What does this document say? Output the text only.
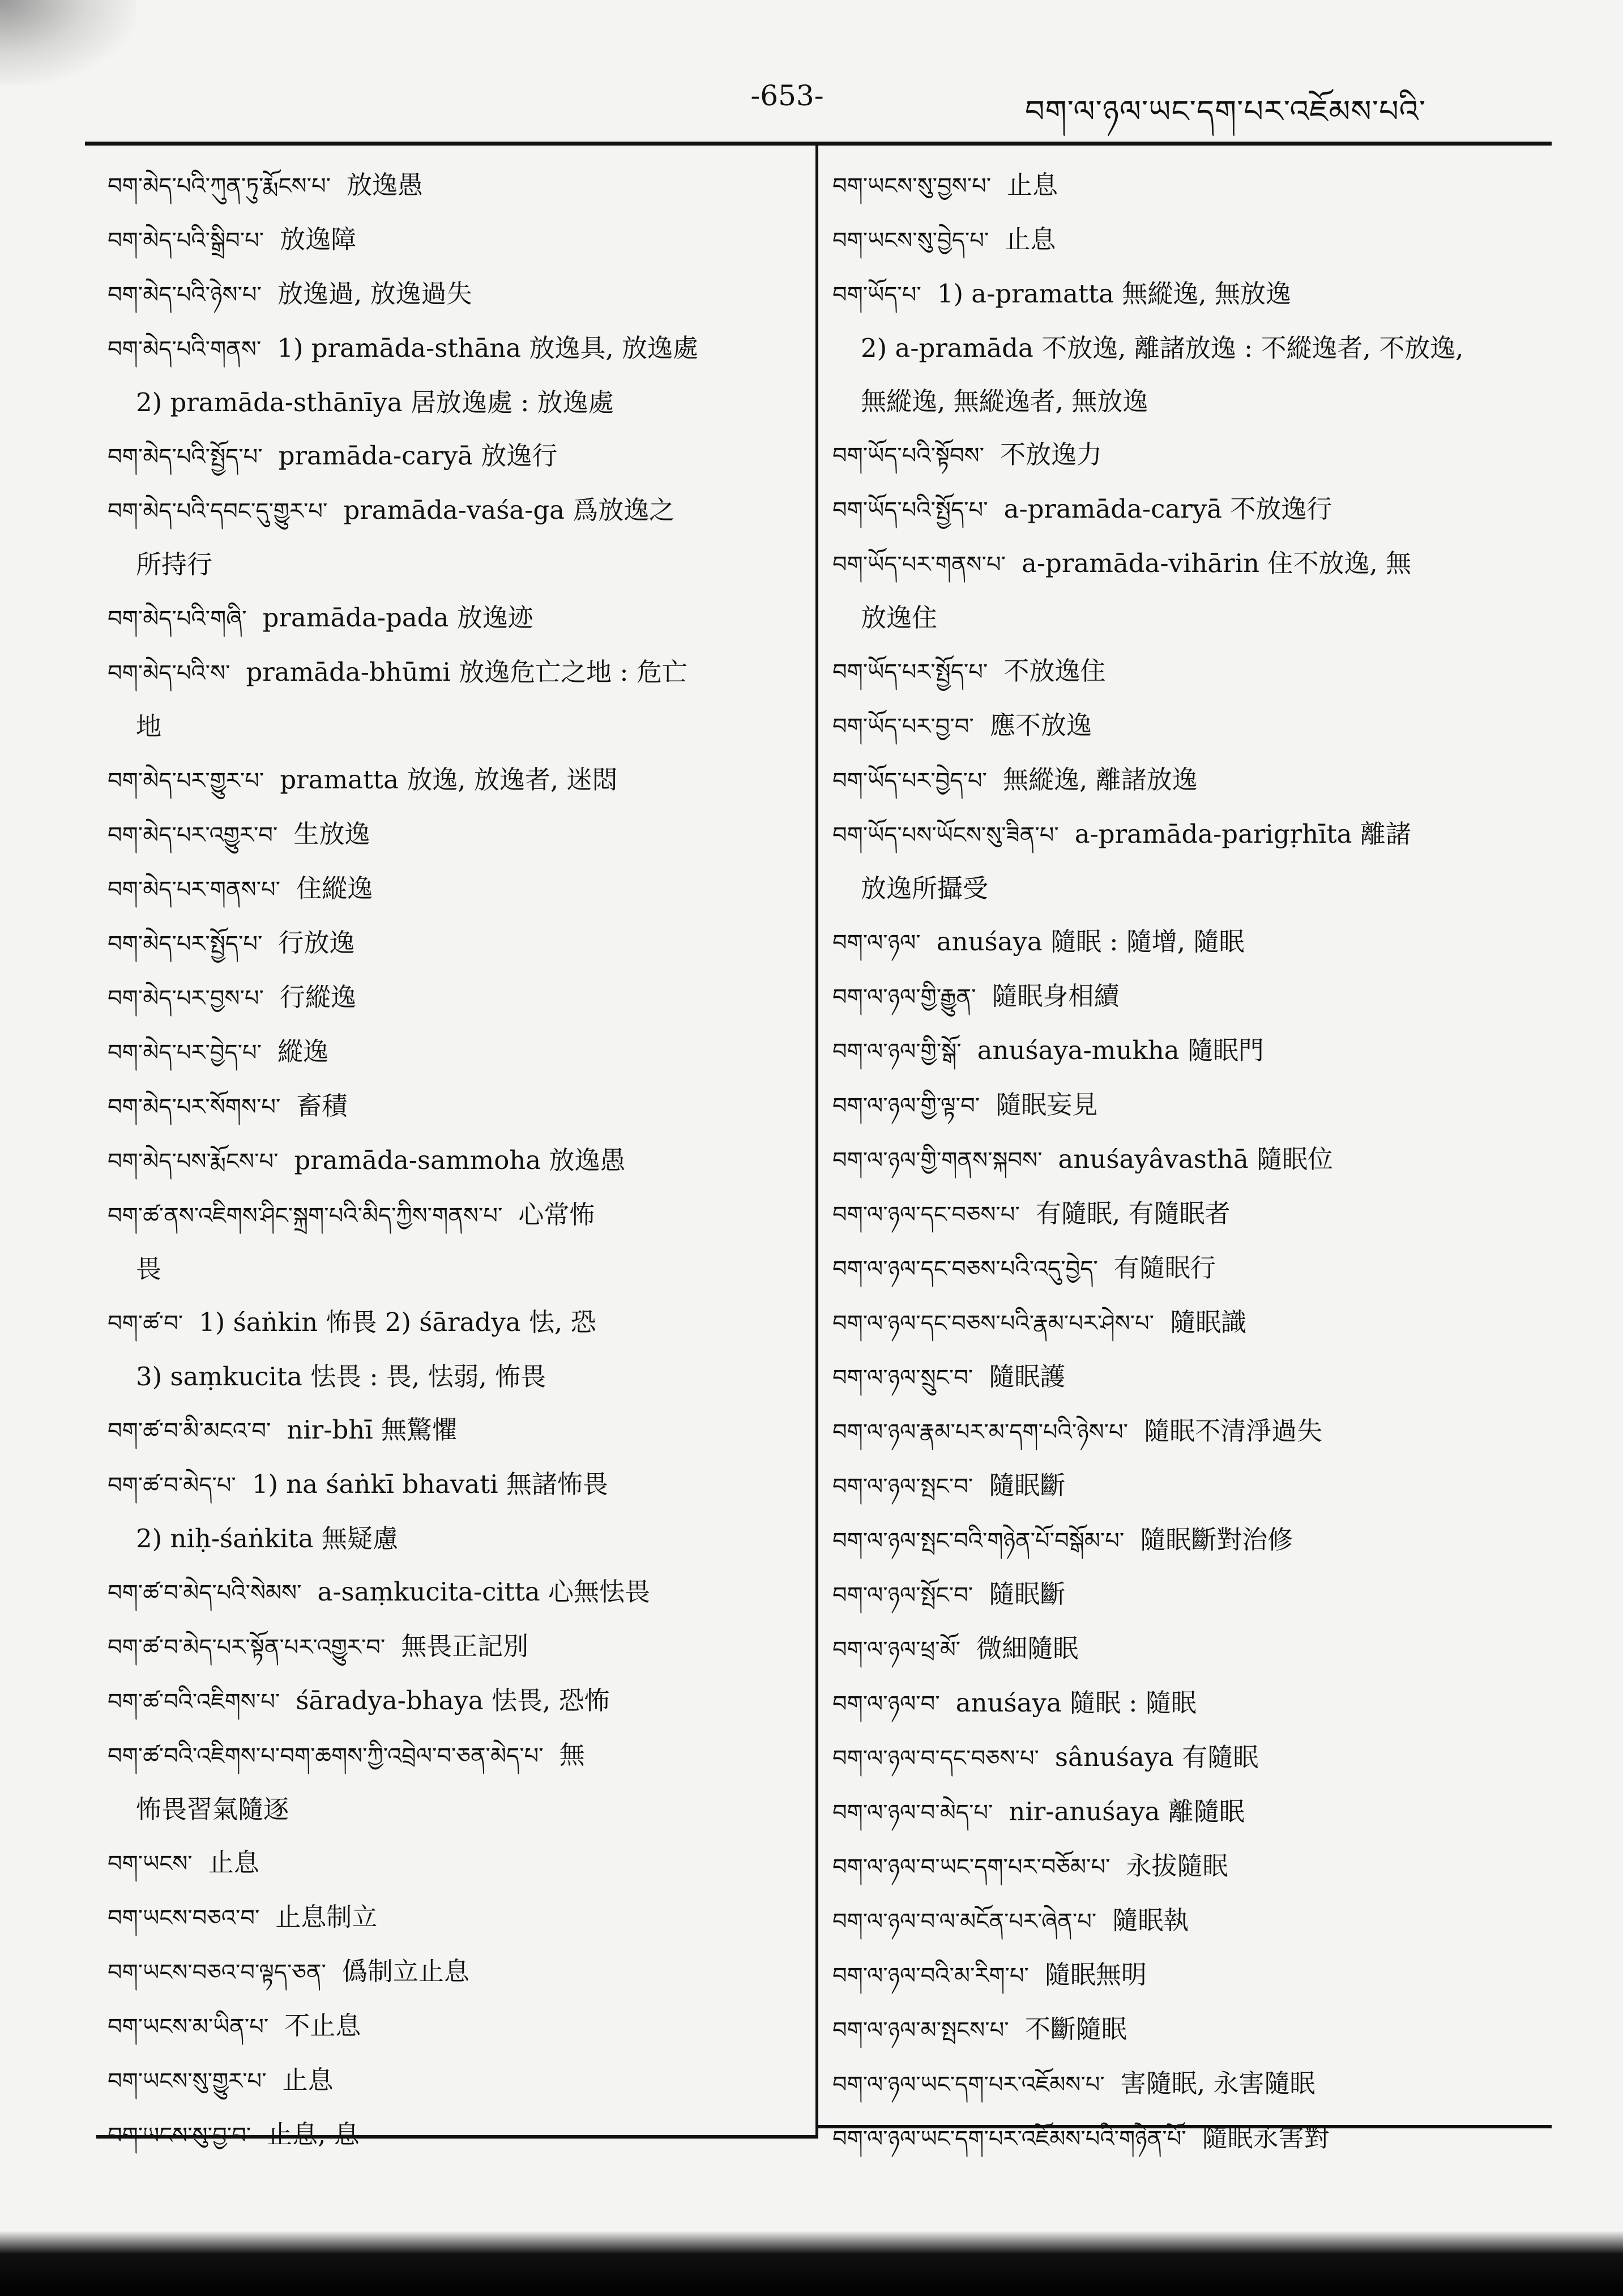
-653-	བག་ལ་ཉལ་ཡང་དག་པར་འཇོམས་པའི་
བག་མེད་པའི་ཀུན་ཏུ་རྨོངས་པ་ 放逸愚
བག་མེད་པའི་སྒྲིབ་པ་ 放逸障
བག་མེད་པའི་ཉེས་པ་ 放逸過, 放逸過失
བག་མེད་པའི་གནས་ 1) pramāda-sthāna 放逸具, 放逸處
2) pramāda-sthānīya 居放逸處 : 放逸處
བག་མེད་པའི་སྤྱོད་པ་ pramāda-caryā 放逸行
བག་མེད་པའི་དབང་དུ་གྱུར་པ་ pramāda-vaśa-ga 爲放逸之
所持行
བག་མེད་པའི་གཞི་ pramāda-pada 放逸迹
བག་མེད་པའི་ས་ pramāda-bhūmi 放逸危亡之地 : 危亡
地
བག་མེད་པར་གྱུར་པ་ pramatta 放逸, 放逸者, 迷悶
བག་མེད་པར་འགྱུར་བ་ 生放逸
བག་མེད་པར་གནས་པ་ 住縱逸
བག་མེད་པར་སྤྱོད་པ་ 行放逸
བག་མེད་པར་བྱས་པ་ 行縱逸
བག་མེད་པར་བྱེད་པ་ 縱逸
བག་མེད་པར་སོགས་པ་ 畜積
བག་མེད་པས་རྨོངས་པ་ pramāda-sammoha 放逸愚
བག་ཚ་ནས་འཇིགས་ཤིང་སྐྲག་པའི་མིད་ཀྱིས་གནས་པ་ 心常怖
畏
བག་ཚ་བ་ 1) śaṅkin 怖畏 2) śāradya 怯, 恐
3) saṃkucita 怯畏 : 畏, 怯弱, 怖畏
བག་ཚ་བ་མི་མངའ་བ་ nir-bhī 無驚懼
བག་ཚ་བ་མེད་པ་ 1) na śaṅkī bhavati 無諸怖畏
2) niḥ-śaṅkita 無疑慮
བག་ཚ་བ་མེད་པའི་སེམས་ a-saṃkucita-citta 心無怯畏
བག་ཚ་བ་མེད་པར་སྟོན་པར་འགྱུར་བ་ 無畏正記別
བག་ཚ་བའི་འཇིགས་པ་ śāradya-bhaya 怯畏, 恐怖
བག་ཚ་བའི་འཇིགས་པ་བག་ཆགས་ཀྱི་འབྲེལ་བ་ཅན་མེད་པ་ 無
怖畏習氣隨逐
བག་ཡངས་ 止息
བག་ཡངས་བཅའ་བ་ 止息制立
བག་ཡངས་བཅའ་བ་ལྟད་ཅན་ 僞制立止息
བག་ཡངས་མ་ཡིན་པ་ 不止息
བག་ཡངས་སུ་གྱུར་པ་ 止息
བག་ཡངས་སུ་བྱ་བ་ 止息, 息
བག་ཡངས་སུ་བྱས་པ་ 止息
བག་ཡངས་སུ་བྱེད་པ་ 止息
བག་ཡོད་པ་ 1) a-pramatta 無縱逸, 無放逸
2) a-pramāda 不放逸, 離諸放逸 : 不縱逸者, 不放逸,
無縱逸, 無縱逸者, 無放逸
བག་ཡོད་པའི་སྟོབས་ 不放逸力
བག་ཡོད་པའི་སྤྱོད་པ་ a-pramāda-caryā 不放逸行
བག་ཡོད་པར་གནས་པ་ a-pramāda-vihārin 住不放逸, 無
放逸住
བག་ཡོད་པར་སྤྱོད་པ་ 不放逸住
བག་ཡོད་པར་བྱ་བ་ 應不放逸
བག་ཡོད་པར་བྱེད་པ་ 無縱逸, 離諸放逸
བག་ཡོད་པས་ཡོངས་སུ་ཟིན་པ་ a-pramāda-parigṛhīta 離諸
放逸所攝受
བག་ལ་ཉལ་ anuśaya 隨眠 : 隨增, 隨眠
བག་ལ་ཉལ་གྱི་རྒྱུན་ 隨眠身相續
བག་ལ་ཉལ་གྱི་སྒོ་ anuśaya-mukha 隨眠門
བག་ལ་ཉལ་གྱི་ལྟ་བ་ 隨眠妄見
བག་ལ་ཉལ་གྱི་གནས་སྐབས་ anuśayâvasthā 隨眠位
བག་ལ་ཉལ་དང་བཅས་པ་ 有隨眠, 有隨眠者
བག་ལ་ཉལ་དང་བཅས་པའི་འདུ་བྱེད་ 有隨眠行
བག་ལ་ཉལ་དང་བཅས་པའི་རྣམ་པར་ཤེས་པ་ 隨眠識
བག་ལ་ཉལ་སྲུང་བ་ 隨眠護
བག་ལ་ཉལ་རྣམ་པར་མ་དག་པའི་ཉེས་པ་ 隨眠不清淨過失
བག་ལ་ཉལ་སྤང་བ་ 隨眠斷
བག་ལ་ཉལ་སྤང་བའི་གཉེན་པོ་བསྒོམ་པ་ 隨眠斷對治修
བག་ལ་ཉལ་སྤོང་བ་ 隨眠斷
བག་ལ་ཉལ་ཕྲ་མོ་ 微細隨眠
བག་ལ་ཉལ་བ་ anuśaya 隨眠 : 隨眠
བག་ལ་ཉལ་བ་དང་བཅས་པ་ sânuśaya 有隨眠
བག་ལ་ཉལ་བ་མེད་པ་ nir-anuśaya 離隨眠
བག་ལ་ཉལ་བ་ཡང་དག་པར་བཅོམ་པ་ 永拔隨眠
བག་ལ་ཉལ་བ་ལ་མངོན་པར་ཞེན་པ་ 隨眠執
བག་ལ་ཉལ་བའི་མ་རིག་པ་ 隨眠無明
བག་ལ་ཉལ་མ་སྤངས་པ་ 不斷隨眠
བག་ལ་ཉལ་ཡང་དག་པར་འཇོམས་པ་ 害隨眠, 永害隨眠
བག་ལ་ཉལ་ཡང་དག་པར་འཇོམས་པའི་གཉེན་པོ་ 隨眠永害對
